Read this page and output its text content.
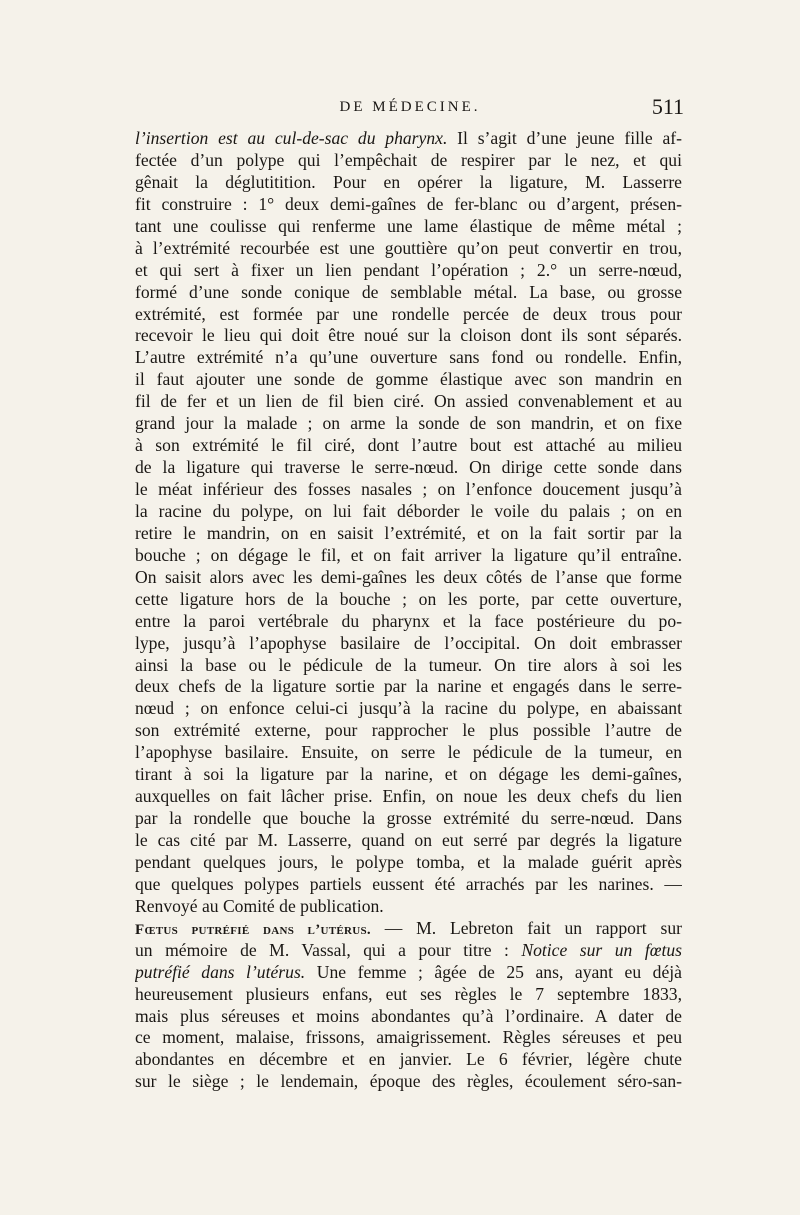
DE MÉDECINE.	511
l’insertion est au cul-de-sac du pharynx. Il s’agit d’une jeune fille af-
fectée d’un polype qui l’empêchait de respirer par le nez, et qui
gênait la déglutitition. Pour en opérer la ligature, M. Lasserre
fit construire : 1° deux demi-gaînes de fer-blanc ou d’argent, présen-
tant une coulisse qui renferme une lame élastique de même métal ;
à l’extrémité recourbée est une gouttière qu’on peut convertir en trou,
et qui sert à fixer un lien pendant l’opération ; 2.° un serre-nœud,
formé d’une sonde conique de semblable métal. La base, ou grosse
extrémité, est formée par une rondelle percée de deux trous pour
recevoir le lieu qui doit être noué sur la cloison dont ils sont séparés.
L’autre extrémité n’a qu’une ouverture sans fond ou rondelle. Enfin,
il faut ajouter une sonde de gomme élastique avec son mandrin en
fil de fer et un lien de fil bien ciré. On assied convenablement et au
grand jour la malade ; on arme la sonde de son mandrin, et on fixe
à son extrémité le fil ciré, dont l’autre bout est attaché au milieu
de la ligature qui traverse le serre-nœud. On dirige cette sonde dans
le méat inférieur des fosses nasales ; on l’enfonce doucement jusqu’à
la racine du polype, on lui fait déborder le voile du palais ; on en
retire le mandrin, on en saisit l’extrémité, et on la fait sortir par la
bouche ; on dégage le fil, et on fait arriver la ligature qu’il entraîne.
On saisit alors avec les demi-gaînes les deux côtés de l’anse que forme
cette ligature hors de la bouche ; on les porte, par cette ouverture,
entre la paroi vertébrale du pharynx et la face postérieure du po-
lype, jusqu’à l’apophyse basilaire de l’occipital. On doit embrasser
ainsi la base ou le pédicule de la tumeur. On tire alors à soi les
deux chefs de la ligature sortie par la narine et engagés dans le serre-
nœud ; on enfonce celui-ci jusqu’à la racine du polype, en abaissant
son extrémité externe, pour rapprocher le plus possible l’autre de
l’apophyse basilaire. Ensuite, on serre le pédicule de la tumeur, en
tirant à soi la ligature par la narine, et on dégage les demi-gaînes,
auxquelles on fait lâcher prise. Enfin, on noue les deux chefs du lien
par la rondelle que bouche la grosse extrémité du serre-nœud. Dans
le cas cité par M. Lasserre, quand on eut serré par degrés la ligature
pendant quelques jours, le polype tomba, et la malade guérit après
que quelques polypes partiels eussent été arrachés par les narines. —
Renvoyé au Comité de publication.
Fœtus putréfié dans l’utérus. — M. Lebreton fait un rapport sur
un mémoire de M. Vassal, qui a pour titre : Notice sur un fœtus
putréfié dans l’utérus. Une femme ; âgée de 25 ans, ayant eu déjà
heureusement plusieurs enfans, eut ses règles le 7 septembre 1833,
mais plus séreuses et moins abondantes qu’à l’ordinaire. A dater de
ce moment, malaise, frissons, amaigrissement. Règles séreuses et peu
abondantes en décembre et en janvier. Le 6 février, légère chute
sur le siège ; le lendemain, époque des règles, écoulement séro-san-
